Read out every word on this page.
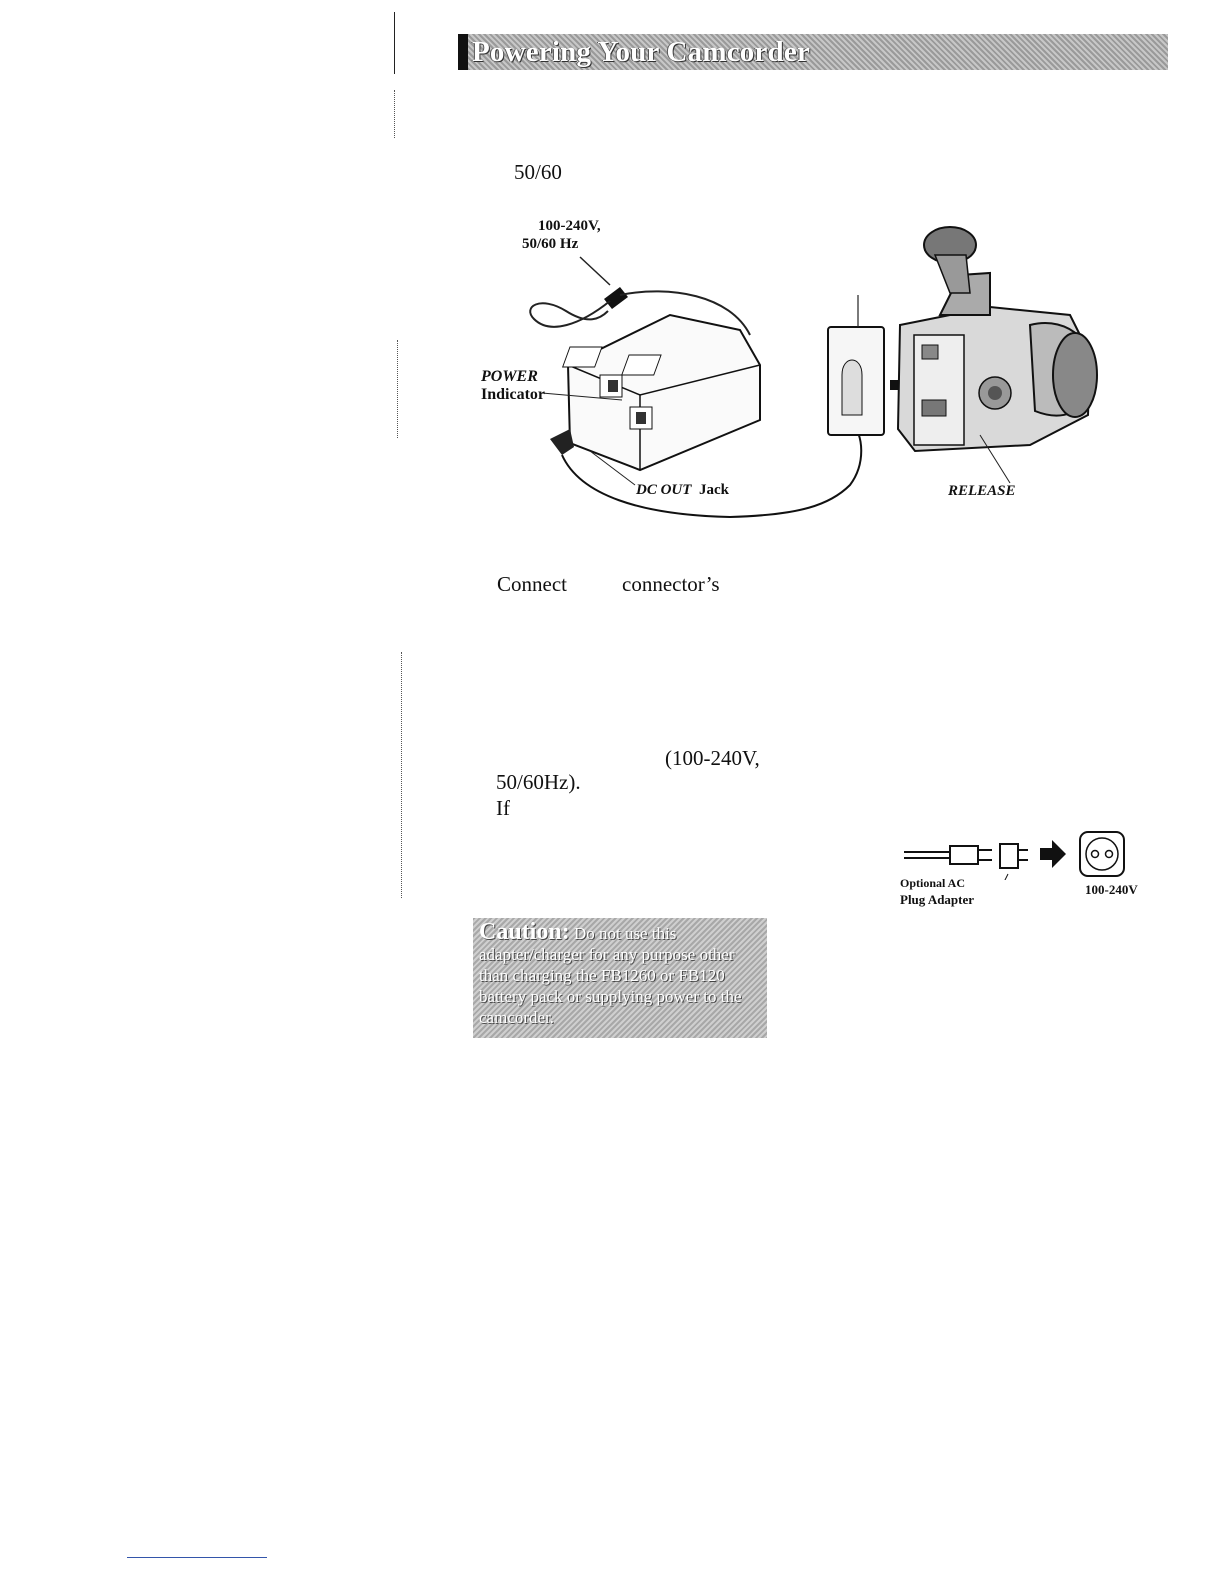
Powering Your Camcorder
50/60
100-240V,
50/60 Hz
POWER
Indicator
DC OUT Jack	RELEASE
Connect	connector’s
(100-240V,
50/60Hz).
If
Optional AC
Plug Adapter
100-240V
Caution: Do not use this adapter/charger for any purpose other than charging the FB1260 or FB120 battery pack or supplying power to the camcorder.
